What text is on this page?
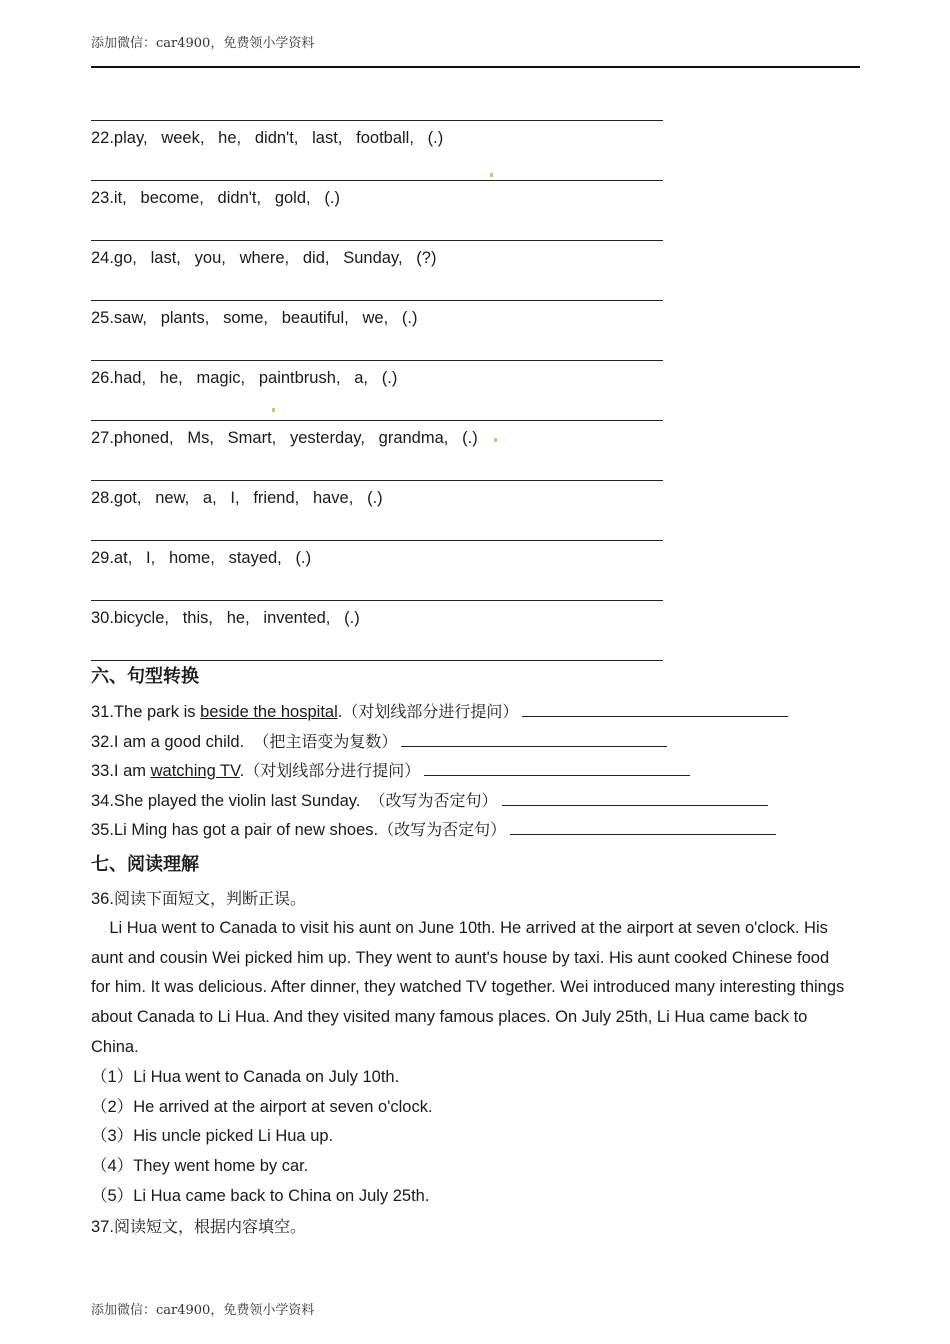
添加微信：car4900，免费领小学资料
22.play,   week,   he,   didn't,   last,   football,   (.)
23.it,   become,   didn't,   gold,   (.)
24.go,   last,   you,   where,   did,   Sunday,   (?)
25.saw,   plants,   some,   beautiful,   we,   (.)
26.had,   he,   magic,   paintbrush,   a,   (.)
27.phoned,   Ms,   Smart,   yesterday,   grandma,   (.)
28.got,   new,   a,   I,   friend,   have,   (.)
29.at,   I,   home,   stayed,   (.)
30.bicycle,   this,   he,   invented,   (.)
六、句型转换
31.The park is beside the hospital.（对划线部分进行提问）
32.I am a good child.  （把主语变为复数）
33.I am watching TV.（对划线部分进行提问）
34.She played the violin last Sunday.  （改写为否定句）
35.Li Ming has got a pair of new shoes.（改写为否定句）
七、阅读理解
36.阅读下面短文，判断正误。
Li Hua went to Canada to visit his aunt on June 10th. He arrived at the airport at seven o'clock. His aunt and cousin Wei picked him up. They went to aunt's house by taxi. His aunt cooked Chinese food for him. It was delicious. After dinner, they watched TV together. Wei introduced many interesting things about Canada to Li Hua. And they visited many famous places. On July 25th, Li Hua came back to China.
（1）Li Hua went to Canada on July 10th.
（2）He arrived at the airport at seven o'clock.
（3）His uncle picked Li Hua up.
（4）They went home by car.
（5）Li Hua came back to China on July 25th.
37.阅读短文，根据内容填空。
添加微信：car4900，免费领小学资料
